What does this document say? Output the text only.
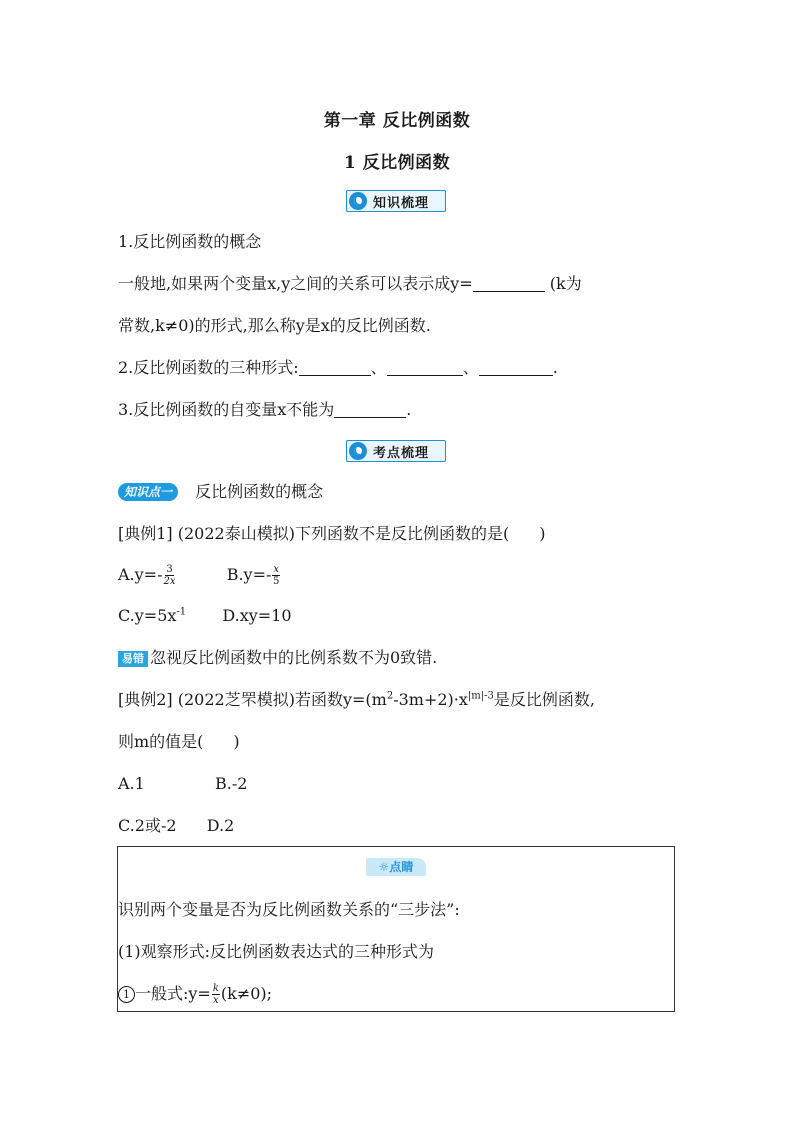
第一章 反比例函数
1 反比例函数
知识梳理
1.反比例函数的概念
一般地,如果两个变量x,y之间的关系可以表示成y=	(k为
常数,k≠0)的形式,那么称y是x的反比例函数.
2.反比例函数的三种形式:	、	、	.
3.反比例函数的自变量x不能为	.
考点梳理
知识点一 反比例函数的概念
[典例1] (2022泰山模拟)下列函数不是反比例函数的是( )
$A.y=- \frac{3}{2x}$	$B.y=- \frac{x}{5}$
$C.y=5x^{-1}$ D.xy=10
易错 忽视反比例函数中的比例系数不为0致错.
[典例2] (2022芝罘模拟)若函数$y=(m^2-3m+2)\cdot x^{|m|-3}$是反比例函数,
则m的值是( )
A.1	B.-2
C.2或-2 D.2
☼点睛
识别两个变量是否为反比例函数关系的“三步法”:
(1)观察形式:反比例函数表达式的三种形式为
1 一般式:y= $\frac{k}{x} (k\ne 0)$;
